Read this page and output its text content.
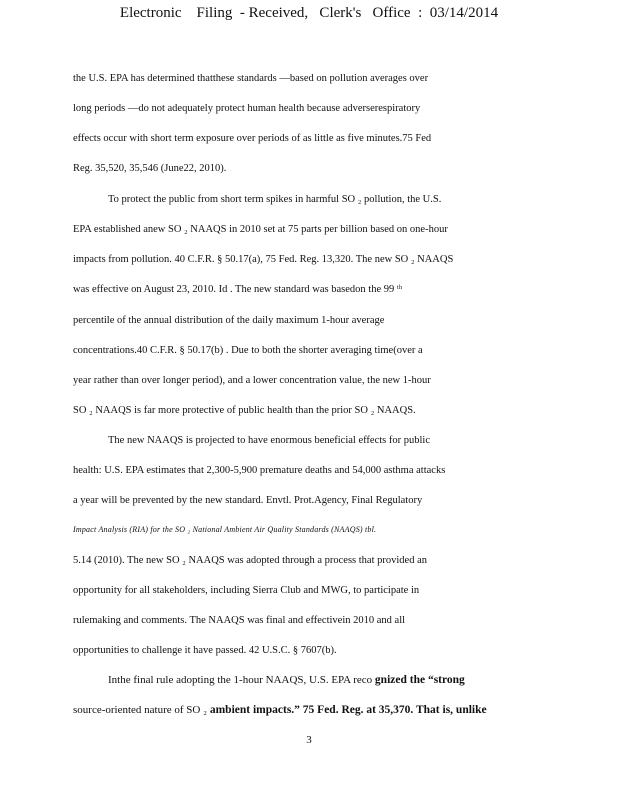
Electronic    Filing  - Received,   Clerk's   Office  :  03/14/2014
the U.S. EPA has determined thatthese standards —based on pollution averages over
long periods —do not adequately protect human health because adverserespiratory
effects occur with short term exposure over periods of as little as five minutes.75 Fed
Reg. 35,520, 35,546 (June22, 2010).
To protect the public from short term spikes in harmful SO ₂ pollution, the U.S.
EPA established anew SO ₂ NAAQS in 2010 set at 75 parts per billion based on one-hour
impacts from pollution. 40 C.F.R. § 50.17(a), 75 Fed. Reg. 13,320. The new SO ₂ NAAQS
was effective on August 23, 2010. Id . The new standard was basedon the 99 ᵗʰ
percentile of the annual distribution of the daily maximum 1-hour average
concentrations.40 C.F.R. § 50.17(b) . Due to both the shorter averaging time(over a
year rather than over longer period), and a lower concentration value, the new 1-hour
SO ₂ NAAQS is far more protective of public health than the prior SO ₂ NAAQS.
The new NAAQS is projected to have enormous beneficial effects for public
health: U.S. EPA estimates that 2,300-5,900 premature deaths and 54,000 asthma attacks
a year will be prevented by the new standard. Envtl. Prot.Agency, Final Regulatory
Impact Analysis (RIA) for the SO ₂ National Ambient Air Quality Standards (NAAQS) tbl.
5.14 (2010). The new SO ₂ NAAQS was adopted through a process that provided an
opportunity for all stakeholders, including Sierra Club and MWG, to participate in
rulemaking and comments. The NAAQS was final and effectivein 2010 and all
opportunities to challenge it have passed. 42 U.S.C. § 7607(b).
Inthe final rule adopting the 1-hour NAAQS, U.S. EPA reco gnized the “strong
source-oriented nature of SO ₂ ambient impacts.” 75 Fed. Reg. at 35,370. That is, unlike
3
